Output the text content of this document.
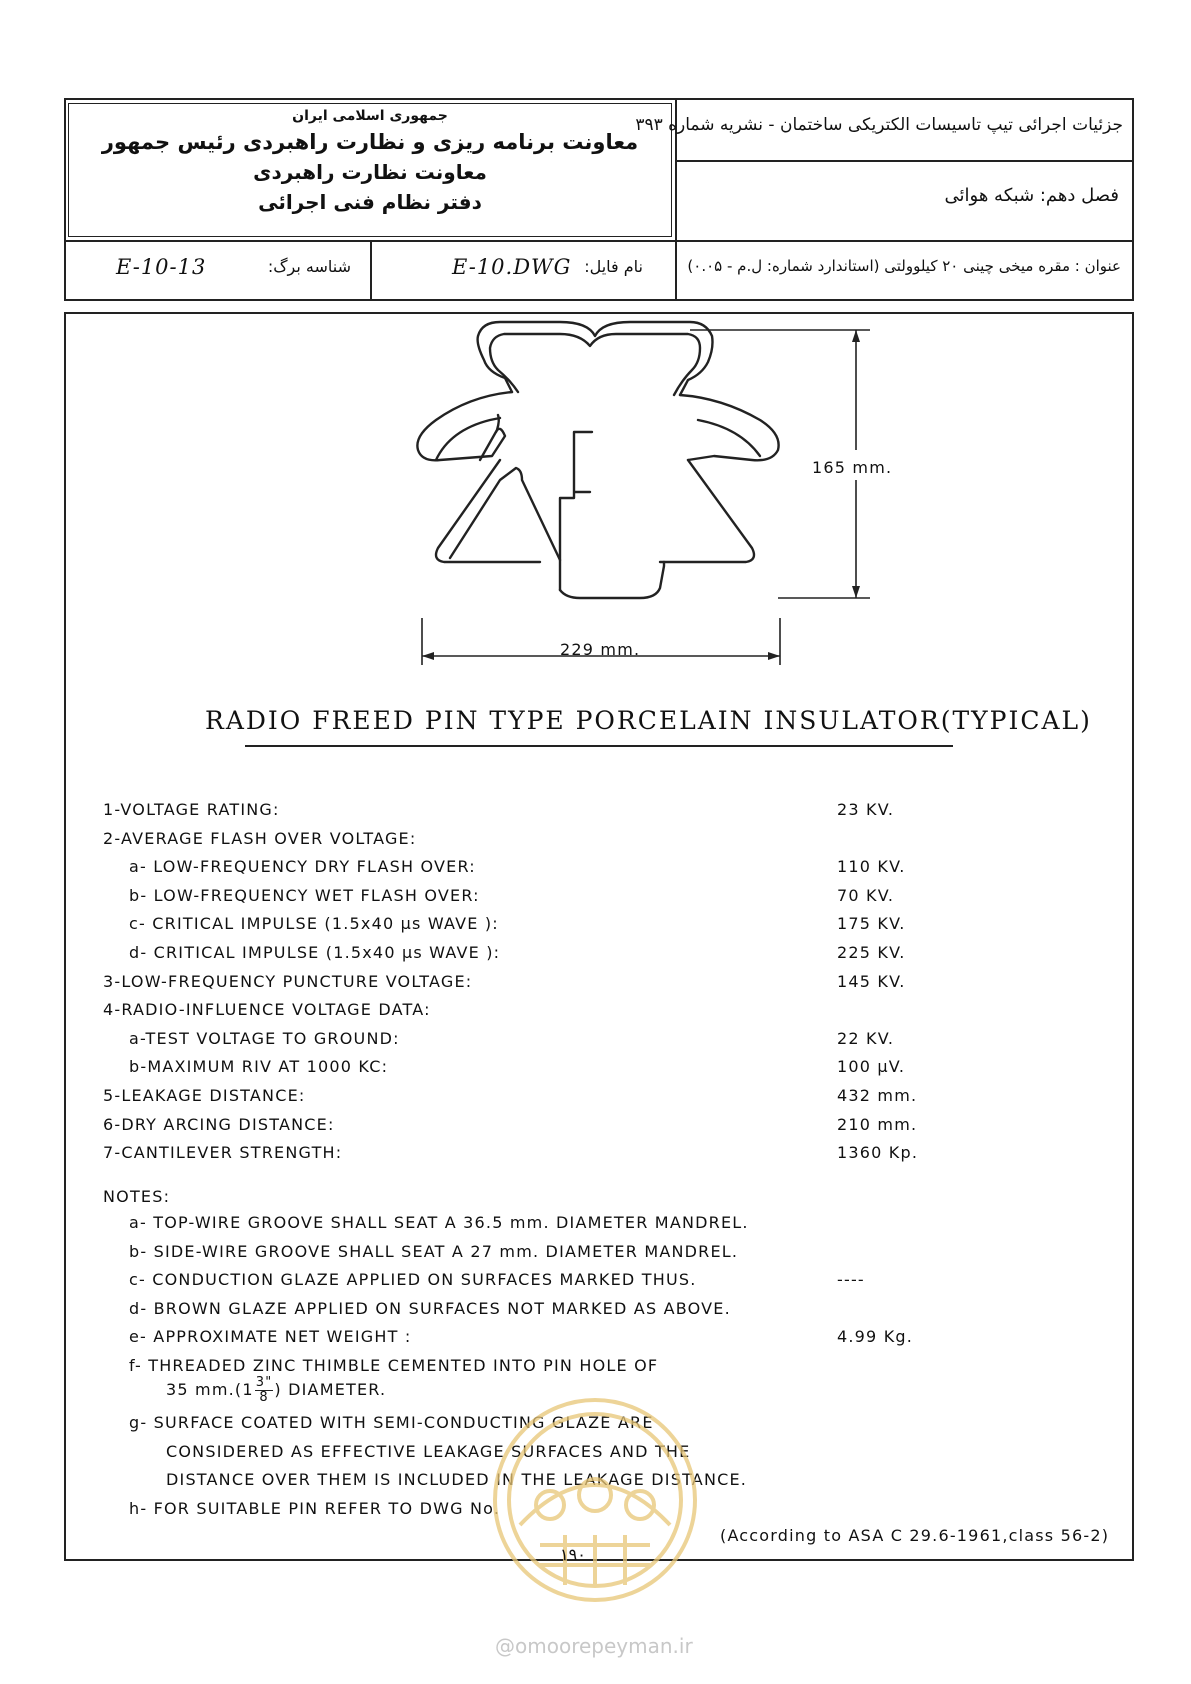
جمهوری اسلامی ایران
معاونت برنامه ریزی و نظارت راهبردی رئیس جمهور
معاونت نظارت راهبردی
دفتر نظام فنی اجرائی
جزئیات اجرائی تیپ تاسیسات الکتریکی ساختمان - نشریه شماره ۳۹۳
فصل دهم: شبکه هوائی
عنوان : مقره میخی چینی ۲۰ کیلوولتی (استاندارد شماره: ل.م - ۰.۰۵)
نام فایل:
E-10.DWG
شناسه برگ:
E-10-13
165 mm.
229 mm.
RADIO FREED PIN TYPE PORCELAIN INSULATOR(TYPICAL)
1-VOLTAGE RATING:	23 KV.
2-AVERAGE FLASH OVER VOLTAGE:
a- LOW-FREQUENCY DRY FLASH OVER:	110 KV.
b- LOW-FREQUENCY WET FLASH OVER:	70 KV.
c- CRITICAL IMPULSE (1.5x40 μs WAVE ):	175 KV.
d- CRITICAL IMPULSE (1.5x40 μs WAVE ):	225 KV.
3-LOW-FREQUENCY PUNCTURE VOLTAGE:	145 KV.
4-RADIO-INFLUENCE VOLTAGE DATA:
a-TEST VOLTAGE TO GROUND:	22 KV.
b-MAXIMUM RIV AT 1000 KC:	100 μV.
5-LEAKAGE DISTANCE:	432 mm.
6-DRY ARCING DISTANCE:	210 mm.
7-CANTILEVER STRENGTH:	1360 Kp.
NOTES:
a- TOP-WIRE GROOVE SHALL SEAT A 36.5 mm. DIAMETER MANDREL.
b- SIDE-WIRE GROOVE SHALL SEAT A 27 mm. DIAMETER MANDREL.
c- CONDUCTION GLAZE APPLIED ON SURFACES MARKED THUS.	----
d- BROWN GLAZE APPLIED ON SURFACES NOT MARKED AS ABOVE.
e- APPROXIMATE NET WEIGHT :	4.99 Kg.
f- THREADED ZINC THIMBLE CEMENTED INTO PIN HOLE OF
g- SURFACE COATED WITH SEMI-CONDUCTING GLAZE ARE
CONSIDERED AS EFFECTIVE LEAKAGE SURFACES AND THE
DISTANCE OVER THEM IS INCLUDED IN THE LEAKAGE DISTANCE.
h- FOR SUITABLE PIN REFER TO DWG No.
35 $mm.(1 \frac{3"}{8}$ ) DIAMETER.
(According to ASA C 29.6-1961,class 56-2)
۱۹۰
@omoorepeyman.ir
